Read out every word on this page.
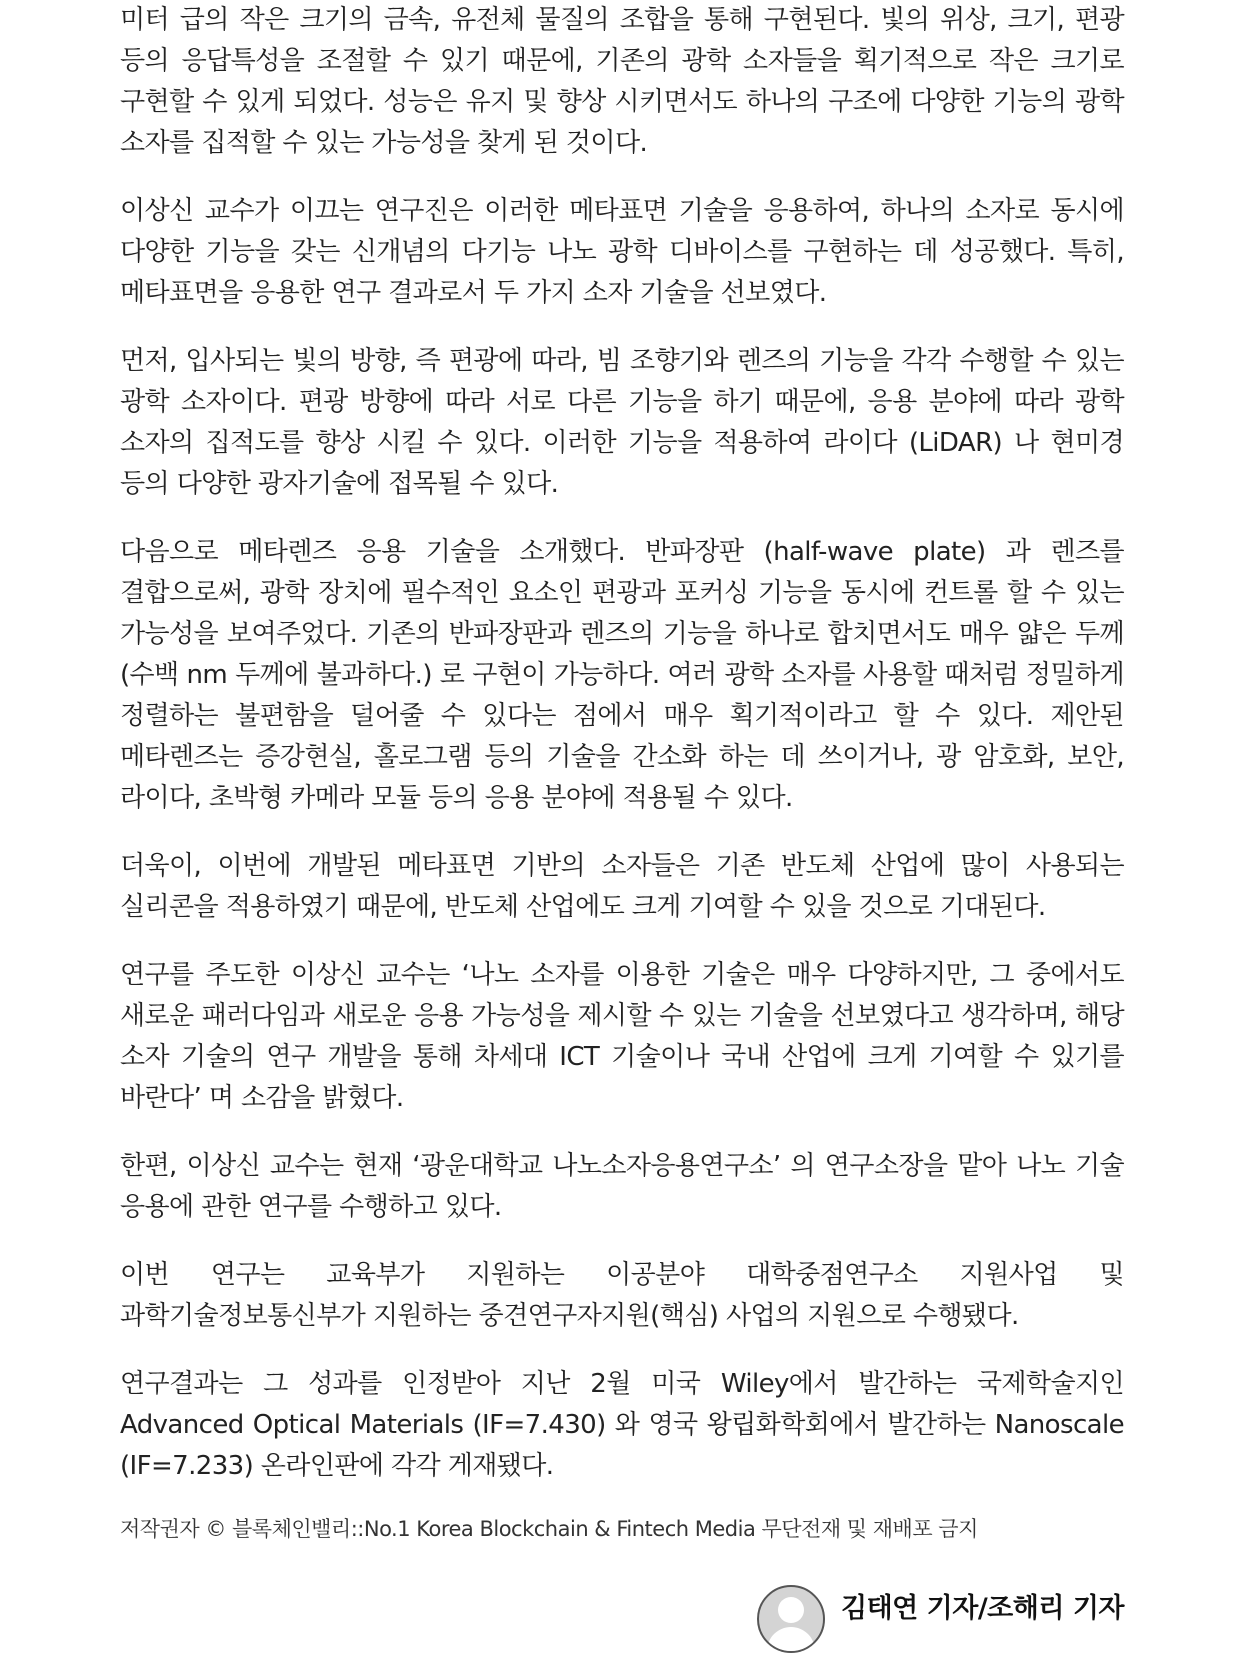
미터 급의 작은 크기의 금속, 유전체 물질의 조합을 통해 구현된다. 빛의 위상, 크기, 편광 등의 응답특성을 조절할 수 있기 때문에, 기존의 광학 소자들을 획기적으로 작은 크기로 구현할 수 있게 되었다. 성능은 유지 및 향상 시키면서도 하나의 구조에 다양한 기능의 광학 소자를 집적할 수 있는 가능성을 찾게 된 것이다.

이상신 교수가 이끄는 연구진은 이러한 메타표면 기술을 응용하여, 하나의 소자로 동시에 다양한 기능을 갖는 신개념의 다기능 나노 광학 디바이스를 구현하는 데 성공했다. 특히, 메타표면을 응용한 연구 결과로서 두 가지 소자 기술을 선보였다.

먼저, 입사되는 빛의 방향, 즉 편광에 따라, 빔 조향기와 렌즈의 기능을 각각 수행할 수 있는 광학 소자이다. 편광 방향에 따라 서로 다른 기능을 하기 때문에, 응용 분야에 따라 광학 소자의 집적도를 향상 시킬 수 있다. 이러한 기능을 적용하여 라이다 (LiDAR) 나 현미경 등의 다양한 광자기술에 접목될 수 있다.

다음으로 메타렌즈 응용 기술을 소개했다. 반파장판 (half-wave plate) 과 렌즈를 결합으로써, 광학 장치에 필수적인 요소인 편광과 포커싱 기능을 동시에 컨트롤 할 수 있는 가능성을 보여주었다. 기존의 반파장판과 렌즈의 기능을 하나로 합치면서도 매우 얇은 두께 (수백 nm 두께에 불과하다.) 로 구현이 가능하다. 여러 광학 소자를 사용할 때처럼 정밀하게 정렬하는 불편함을 덜어줄 수 있다는 점에서 매우 획기적이라고 할 수 있다. 제안된 메타렌즈는 증강현실, 홀로그램 등의 기술을 간소화 하는 데 쓰이거나, 광 암호화, 보안, 라이다, 초박형 카메라 모듈 등의 응용 분야에 적용될 수 있다.

더욱이, 이번에 개발된 메타표면 기반의 소자들은 기존 반도체 산업에 많이 사용되는 실리콘을 적용하였기 때문에, 반도체 산업에도 크게 기여할 수 있을 것으로 기대된다.

연구를 주도한 이상신 교수는 ‘나노 소자를 이용한 기술은 매우 다양하지만, 그 중에서도 새로운 패러다임과 새로운 응용 가능성을 제시할 수 있는 기술을 선보였다고 생각하며, 해당 소자 기술의 연구 개발을 통해 차세대 ICT 기술이나 국내 산업에 크게 기여할 수 있기를 바란다’ 며 소감을 밝혔다.

한편, 이상신 교수는 현재 ‘광운대학교 나노소자응용연구소’ 의 연구소장을 맡아 나노 기술 응용에 관한 연구를 수행하고 있다.

이번 연구는 교육부가 지원하는 이공분야 대학중점연구소 지원사업 및 과학기술정보통신부가 지원하는 중견연구자지원(핵심) 사업의 지원으로 수행됐다.

연구결과는 그 성과를 인정받아 지난 2월 미국 Wiley에서 발간하는 국제학술지인 Advanced Optical Materials (IF=7.430) 와 영국 왕립화학회에서 발간하는 Nanoscale (IF=7.233) 온라인판에 각각 게재됐다.

저작권자 © 블록체인밸리::No.1 Korea Blockchain & Fintech Media 무단전재 및 재배포 금지
김태연 기자/조해리 기자
